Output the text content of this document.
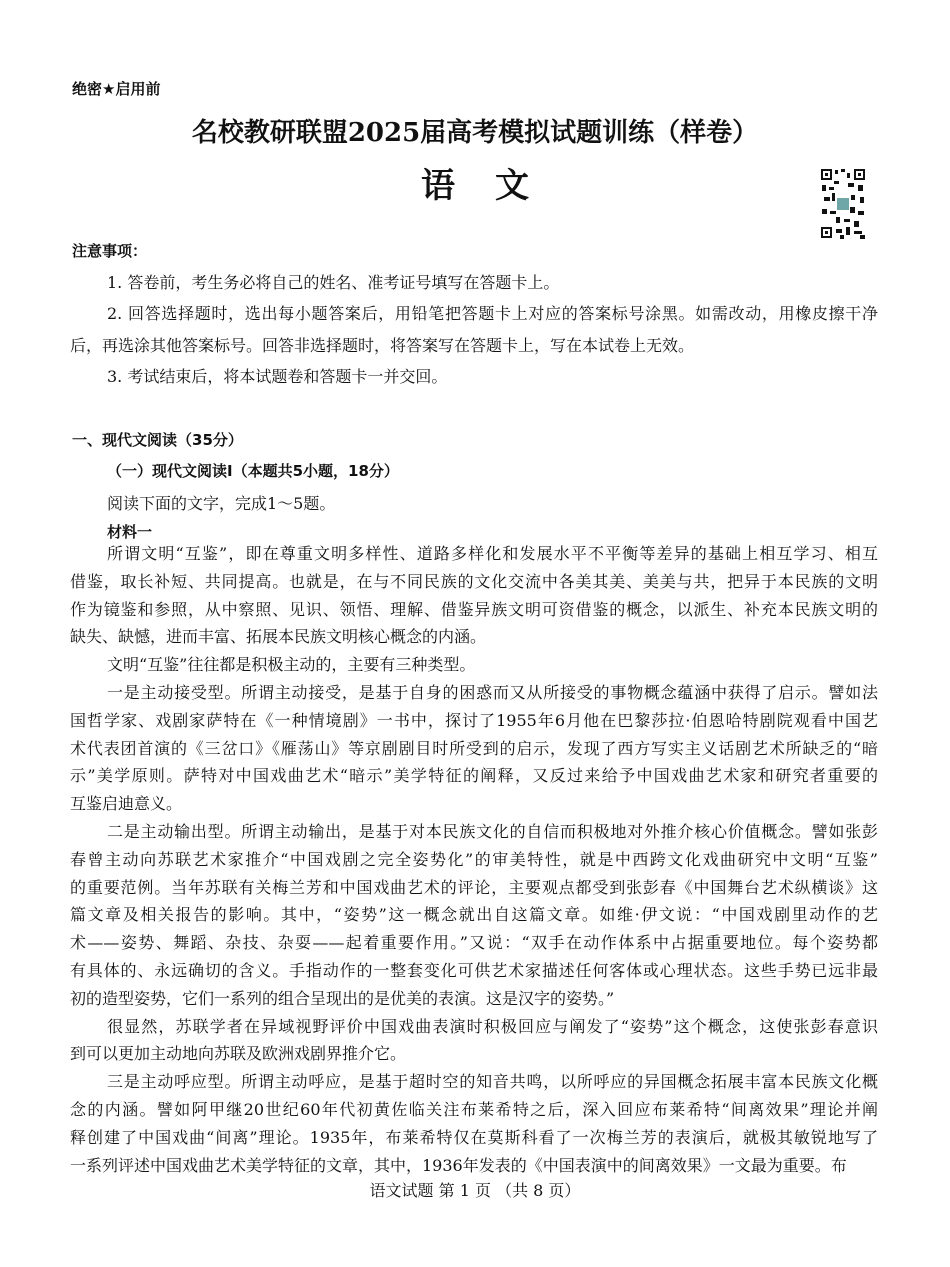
绝密★启用前
名校教研联盟2025届高考模拟试题训练（样卷）
语文
注意事项：
1. 答卷前，考生务必将自己的姓名、准考证号填写在答题卡上。
2. 回答选择题时，选出每小题答案后，用铅笔把答题卡上对应的答案标号涂黑。如需改动，用橡皮擦干净
后，再选涂其他答案标号。回答非选择题时，将答案写在答题卡上，写在本试卷上无效。
3. 考试结束后，将本试题卷和答题卡一并交回。
一、现代文阅读（35分）
（一）现代文阅读Ⅰ（本题共5小题，18分）
阅读下面的文字，完成1～5题。
材料一
所谓文明“互鉴”，即在尊重文明多样性、道路多样化和发展水平不平衡等差异的基础上相互学习、相互
借鉴，取长补短、共同提高。也就是，在与不同民族的文化交流中各美其美、美美与共，把异于本民族的文明
作为镜鉴和参照，从中察照、见识、领悟、理解、借鉴异族文明可资借鉴的概念，以派生、补充本民族文明的
缺失、缺憾，进而丰富、拓展本民族文明核心概念的内涵。
文明“互鉴”往往都是积极主动的，主要有三种类型。
一是主动接受型。所谓主动接受，是基于自身的困惑而又从所接受的事物概念蕴涵中获得了启示。譬如法
国哲学家、戏剧家萨特在《一种情境剧》一书中，探讨了1955年6月他在巴黎莎拉·伯恩哈特剧院观看中国艺
术代表团首演的《三岔口》《雁荡山》等京剧剧目时所受到的启示，发现了西方写实主义话剧艺术所缺乏的“暗
示”美学原则。萨特对中国戏曲艺术“暗示”美学特征的阐释，又反过来给予中国戏曲艺术家和研究者重要的
互鉴启迪意义。
二是主动输出型。所谓主动输出，是基于对本民族文化的自信而积极地对外推介核心价值概念。譬如张彭
春曾主动向苏联艺术家推介“中国戏剧之完全姿势化”的审美特性，就是中西跨文化戏曲研究中文明“互鉴”
的重要范例。当年苏联有关梅兰芳和中国戏曲艺术的评论，主要观点都受到张彭春《中国舞台艺术纵横谈》这
篇文章及相关报告的影响。其中，“姿势”这一概念就出自这篇文章。如维·伊文说：“中国戏剧里动作的艺
术——姿势、舞蹈、杂技、杂耍——起着重要作用。”又说：“双手在动作体系中占据重要地位。每个姿势都
有具体的、永远确切的含义。手指动作的一整套变化可供艺术家描述任何客体或心理状态。这些手势已远非最
初的造型姿势，它们一系列的组合呈现出的是优美的表演。这是汉字的姿势。”
很显然，苏联学者在异域视野评价中国戏曲表演时积极回应与阐发了“姿势”这个概念，这使张彭春意识
到可以更加主动地向苏联及欧洲戏剧界推介它。
三是主动呼应型。所谓主动呼应，是基于超时空的知音共鸣，以所呼应的异国概念拓展丰富本民族文化概
念的内涵。譬如阿甲继20世纪60年代初黄佐临关注布莱希特之后，深入回应布莱希特“间离效果”理论并阐
释创建了中国戏曲“间离”理论。1935年，布莱希特仅在莫斯科看了一次梅兰芳的表演后，就极其敏锐地写了
一系列评述中国戏曲艺术美学特征的文章，其中，1936年发表的《中国表演中的间离效果》一文最为重要。布
语文试题 第 1 页 （共 8 页）
